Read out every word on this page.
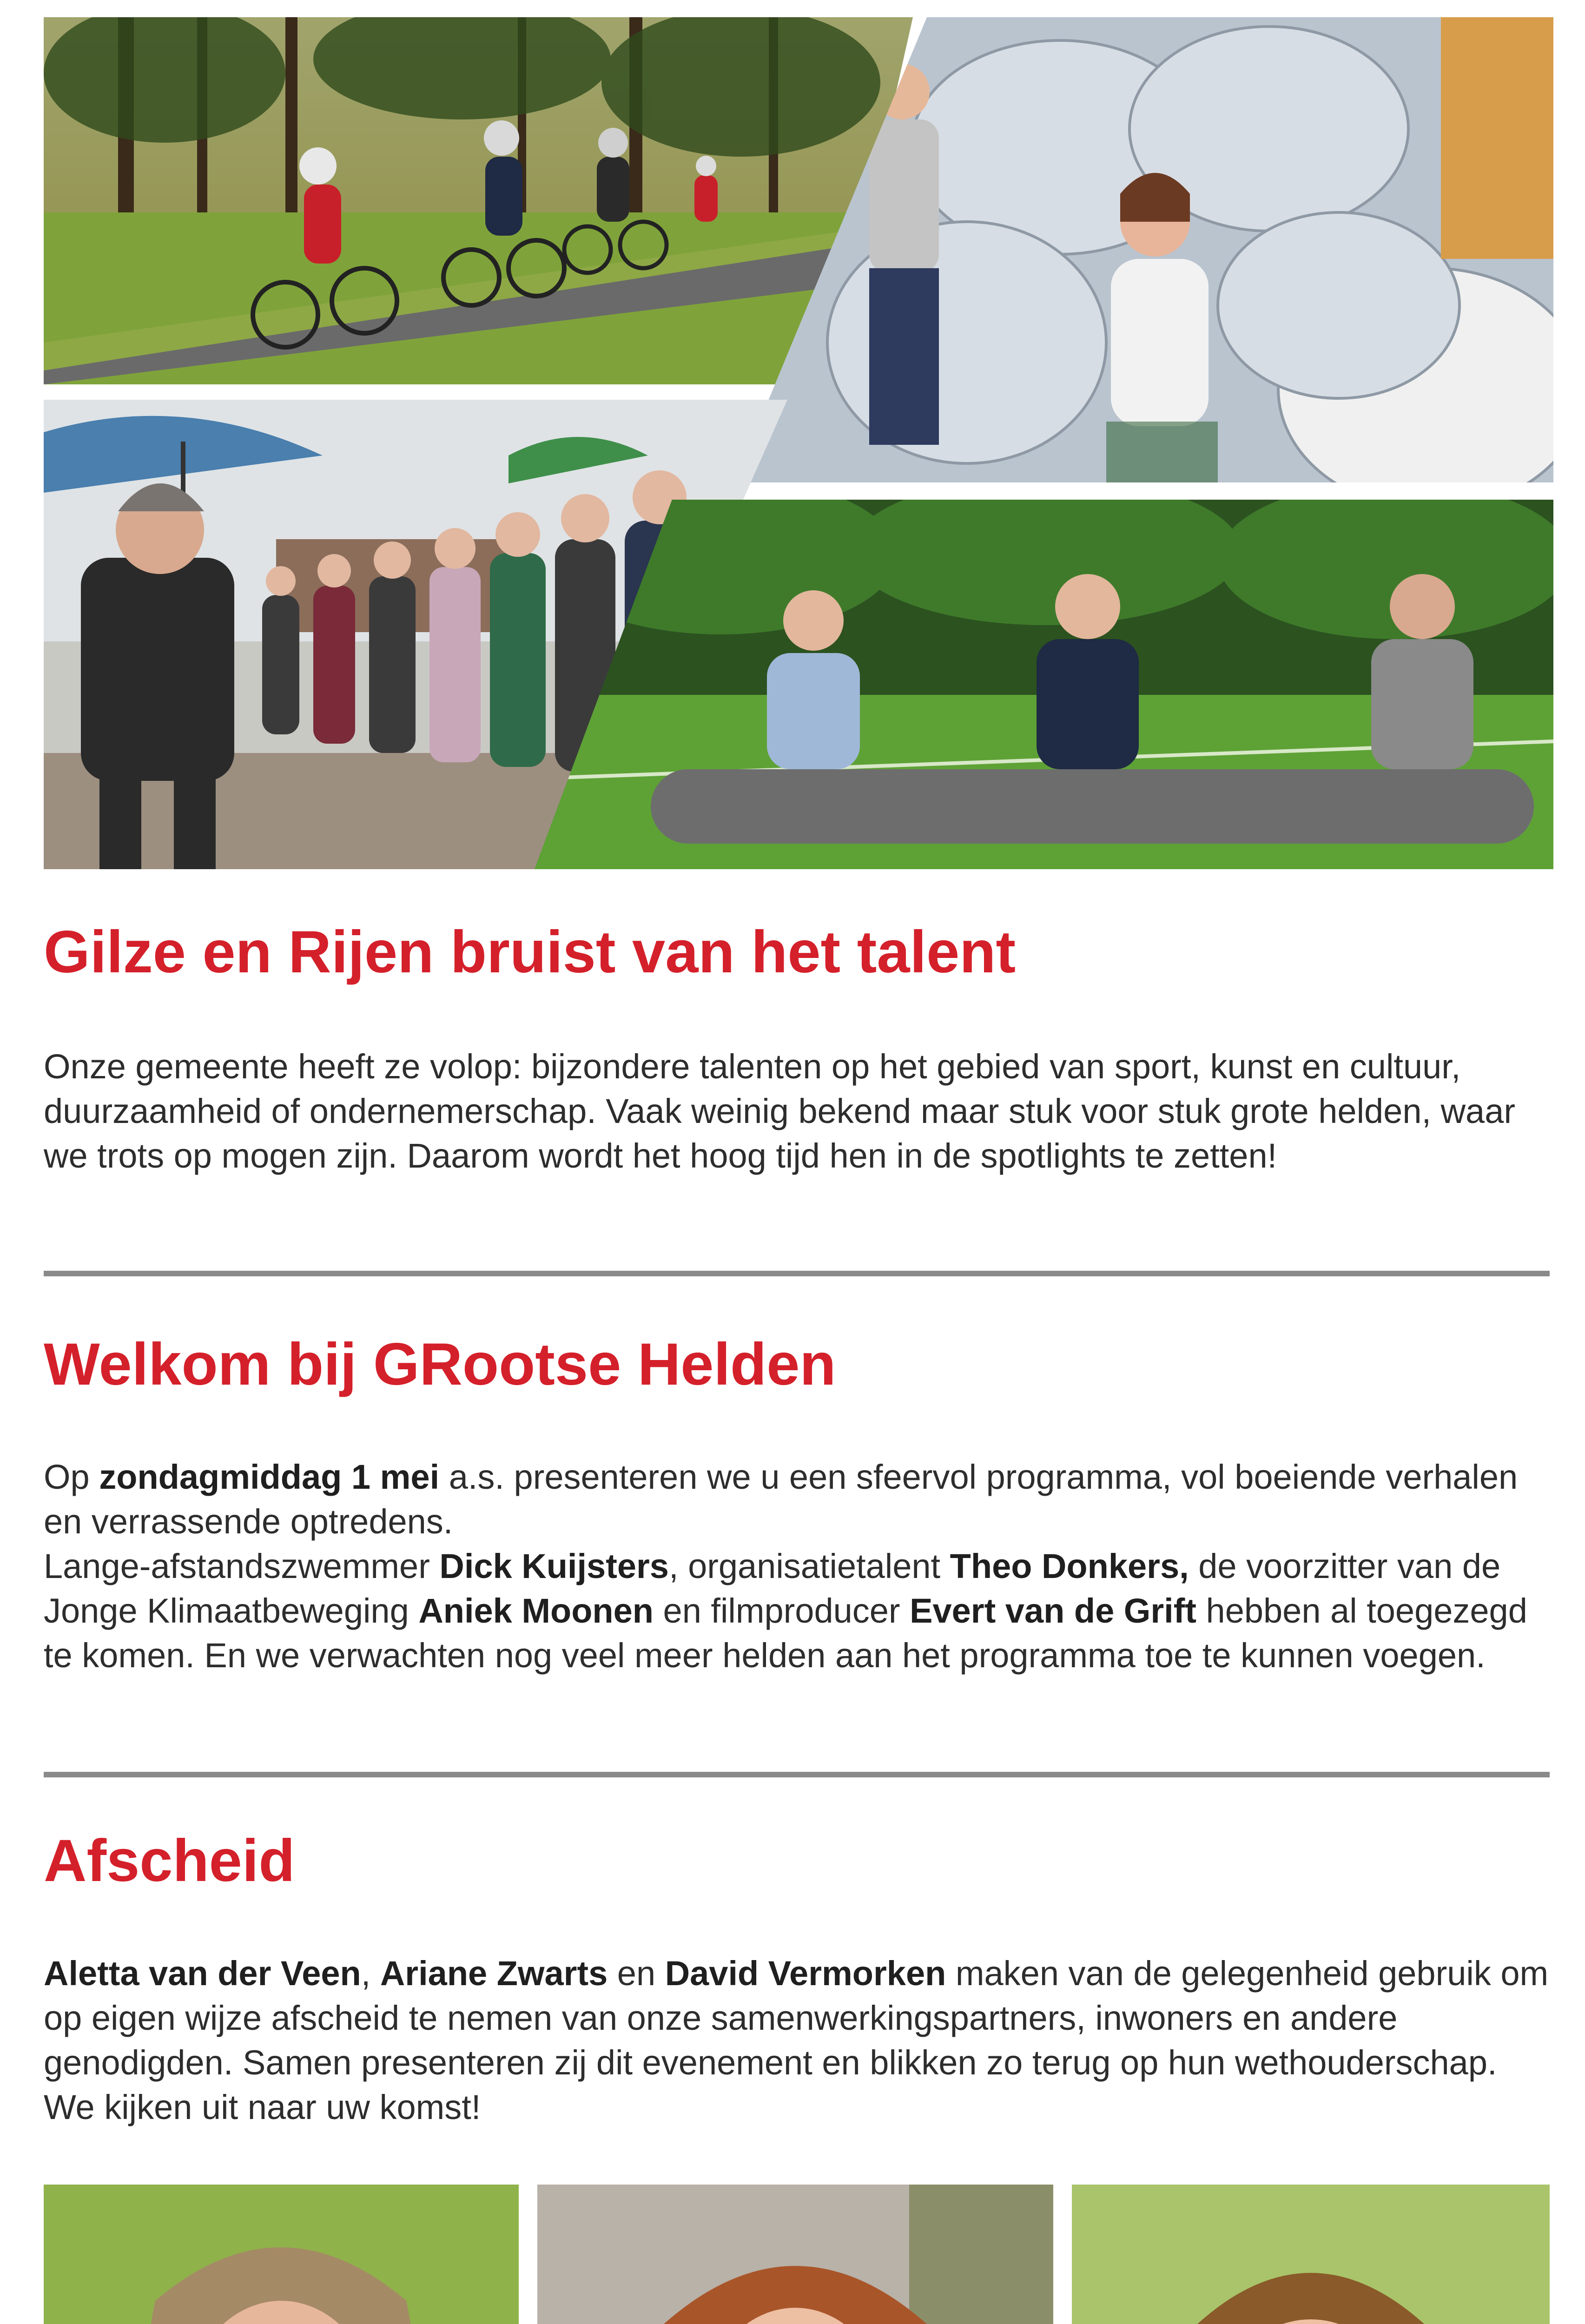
Gilze en Rijen bruist van het talent

Onze gemeente heeft ze volop: bijzondere talenten op het gebied van sport, kunst en cultuur, duurzaamheid of ondernemerschap. Vaak weinig bekend maar stuk voor stuk grote helden, waar we trots op mogen zijn. Daarom wordt het hoog tijd hen in de spotlights te zetten!

Welkom bij GRootse Helden

Op zondagmiddag 1 mei a.s. presenteren we u een sfeervol programma, vol boeiende verhalen en verrassende optredens.

Lange-afstandszwemmer Dick Kuijsters, organisatietalent Theo Donkers, de voorzitter van de Jonge Klimaatbeweging Aniek Moonen en filmproducer Evert van de Grift hebben al toegezegd te komen. En we verwachten nog veel meer helden aan het programma toe te kunnen voegen.

Afscheid

Aletta van der Veen, Ariane Zwarts en David Vermorken maken van de gelegenheid gebruik om op eigen wijze afscheid te nemen van onze samenwerkingspartners, inwoners en andere genodigden. Samen presenteren zij dit evenement en blikken zo terug op hun wethouderschap. We kijken uit naar uw komst!
